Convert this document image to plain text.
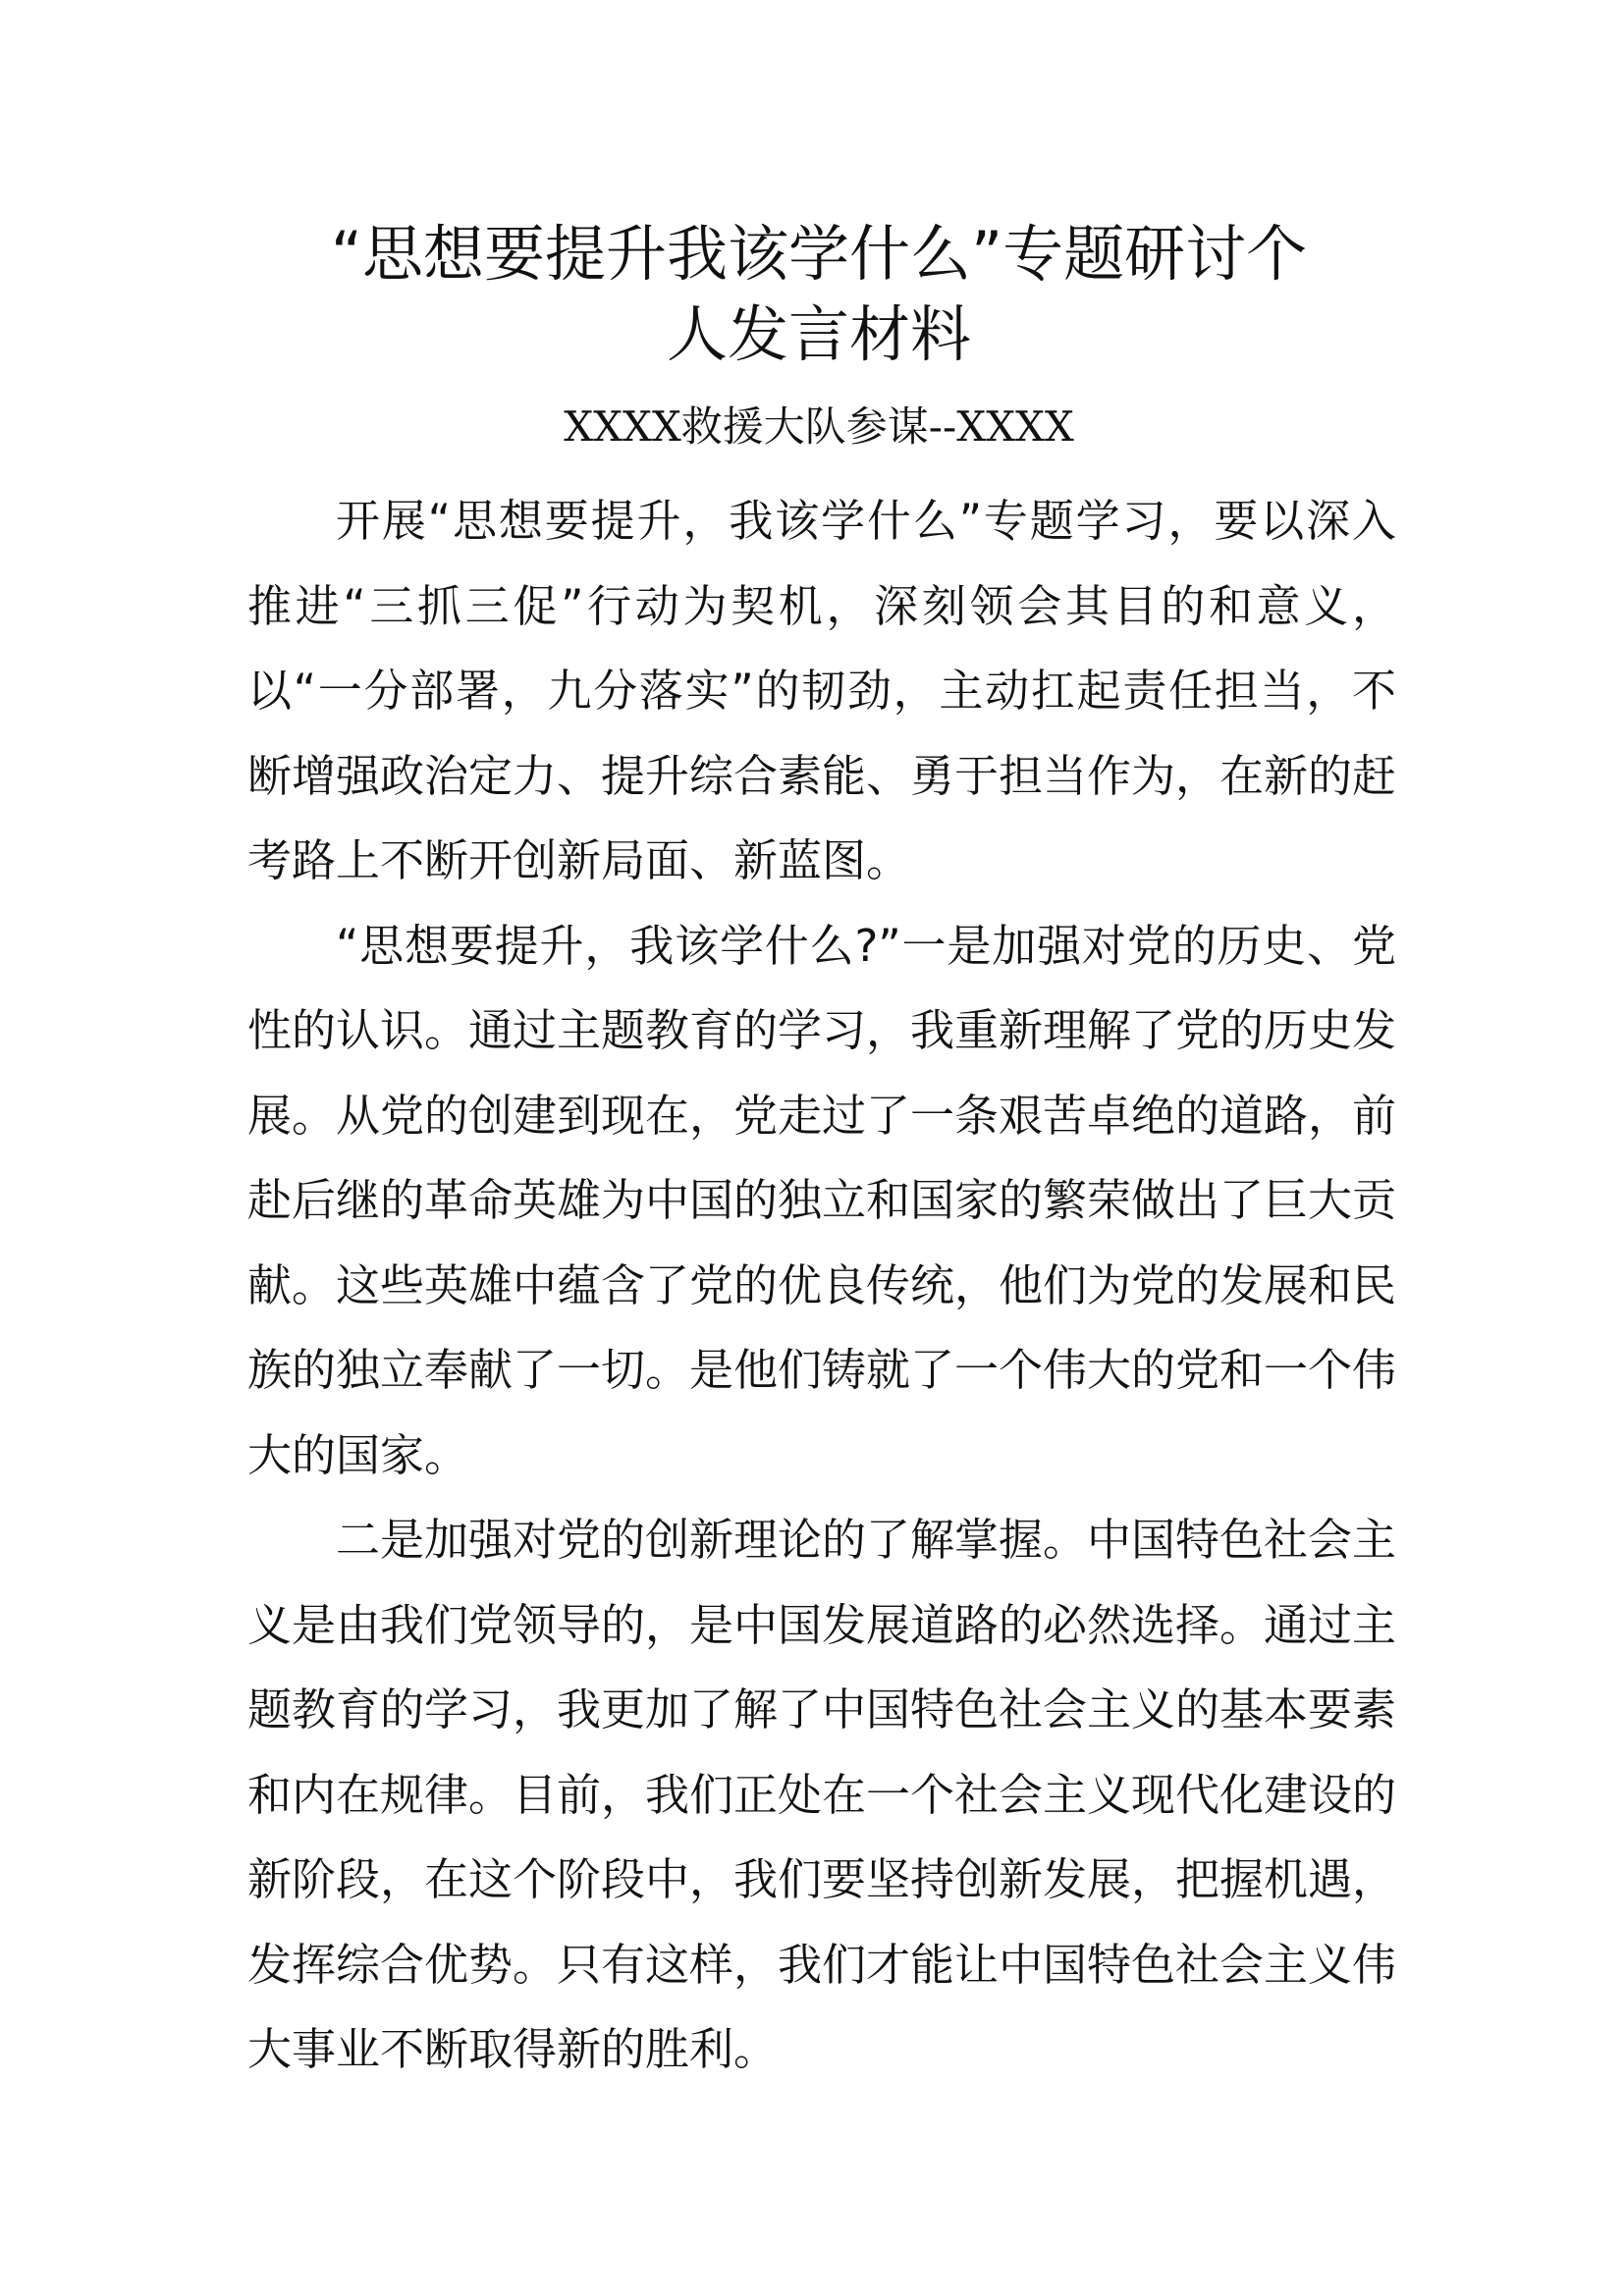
“思想要提升我该学什么”专题研讨个
人发言材料

XXXX救援大队参谋--XXXX

开展“思想要提升，我该学什么”专题学习，要以深入推进“三抓三促”行动为契机，深刻领会其目的和意义，以“一分部署，九分落实”的韧劲，主动扛起责任担当，不断增强政治定力、提升综合素能、勇于担当作为，在新的赶考路上不断开创新局面、新蓝图。

“思想要提升，我该学什么?”一是加强对党的历史、党性的认识。通过主题教育的学习，我重新理解了党的历史发展。从党的创建到现在，党走过了一条艰苦卓绝的道路，前赴后继的革命英雄为中国的独立和国家的繁荣做出了巨大贡献。这些英雄中蕴含了党的优良传统，他们为党的发展和民族的独立奉献了一切。是他们铸就了一个伟大的党和一个伟大的国家。

二是加强对党的创新理论的了解掌握。中国特色社会主义是由我们党领导的，是中国发展道路的必然选择。通过主题教育的学习，我更加了解了中国特色社会主义的基本要素和内在规律。目前，我们正处在一个社会主义现代化建设的新阶段，在这个阶段中，我们要坚持创新发展，把握机遇，发挥综合优势。只有这样，我们才能让中国特色社会主义伟大事业不断取得新的胜利。
